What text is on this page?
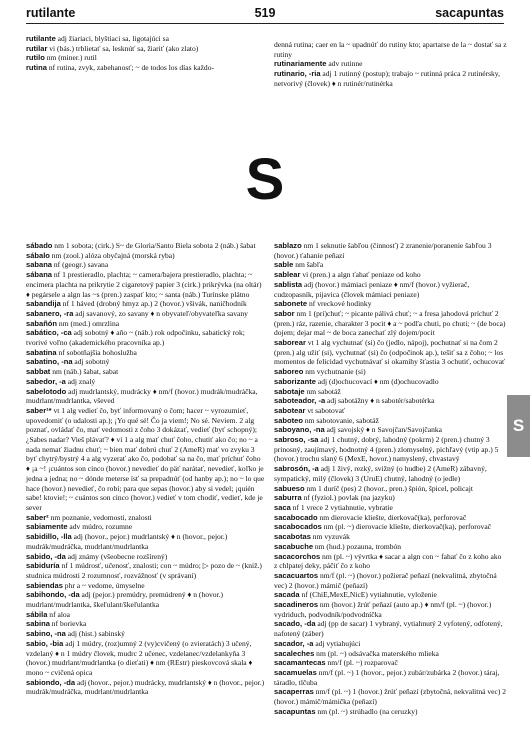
rutilante	519	sacapuntas

rutilante adj žiariaci, blyštiaci sa, ligotajúci sa

rutilar vi (bás.) trblietať sa, lesknúť sa, žiariť (ako zlato)

rutilo nm (miner.) rutil

rutina nf rutina, zvyk, zabehanosť; ~ de todos los días každo-

denná rutina; caer en la ~ upadnúť do rutiny kto; apartarse de la ~ dostať sa z rutiny

rutinariamente adv rutinne

rutinario, -ria adj 1 rutinný (postup); trabajo ~ rutinná práca 2 rutinérsky, netvorivý (človek) ♦ n rutinér/rutinérka

S

sábado nm 1 sobota; (cirk.) S~ de Gloria/Santo Biela sobota 2 (náb.) šabat

sábalo nm (zool.) alóza obyčajná (morská ryba)

sabana nf (geogr.) savana

sábana nf 1 prestieradlo, plachta; ~ camera/bajera prestieradlo, plachta; ~ encimera plachta na prikrytie 2 cigaretový papier 3 (cirk.) prikrývka (na oltár) ♦ pegársele a algn las ~s (pren.) zaspať kto; ~ santa (náb.) Turínske plátno

sabandija nf 1 háved (drobný hmyz ap.) 2 (hovor.) všivák, naničhodník

sabanero, -ra adj savanový, zo savany ♦ n obyvateľ/obyvateľka savany

sabañón nm (med.) omrzlina

sabático, -ca adj sobotný ♦ año ~ (náb.) rok odpočinku, sabatický rok; tvorivé voľno (akademického pracovníka ap.)

sabatina nf sobotňajšia bohoslužba

sabatino, -na adj sobotný

sabbat nm (náb.) šabat, sabat

sabedor, -a adj znalý

sabelotodo adj mudrlantský, mudrácky ♦ nm/f (hovor.) mudrák/mudráčka, mudrlant/mudrlantka, vševed

saber¹* vt 1 alg vedieť čo, byť informovaný o čom; hacer ~ vyrozumieť, upovedomiť (o udalosti ap.); ¡Yo qué sé! Čo ja viem!; No sé. Neviem. 2 alg poznať, ovládať čo, mať vedomosti z čoho 3 dokázať, vedieť (byť schopný); ¿Sabes nadar? Vieš plávať? ♦ vi 1 a alg mať chuť čoho, chutiť ako čo; no ~ a nada nemať žiadnu chuť; ~ bien mať dobrú chuť 2 (AmeR) mať vo zvyku 3 byť chytrý/bystrý 4 a alg vyzerať ako čo, podobať sa na čo, mať príchuť čoho ♦ ¡a ~! ¡cuántos son cinco (hovor.) nevedieť do päť narátať, nevedieť, koľko je jedna a jedna; no ~ dónde meterse ísť sa prepadnúť (od hanby ap.); no ~ lo que hace (hovor.) nevedieť, čo robí; para que sepas (hovor.) aby si vedel; ¡quién sabe! ktovie!; ~ cuántos son cinco (hovor.) vedieť v tom chodiť, vedieť, kde je sever

saber² nm poznanie, vedomosti, znalosti

sabiamente adv múdro, rozumne

sabidillo, -lla adj (hovor., pejor.) mudrlantský ♦ n (hovor., pejor.) mudrák/mudráčka, mudrlant/mudrlantka

sabido, -da adj známy (všeobecne rozšírený)

sabiduría nf 1 múdrosť, učenosť, znalosti; con ~ múdro; ▷ pozo de ~ (kniž.) studnica múdrosti 2 rozumnosť, rozvážnosť (v správaní)

sabiendas phr a ~ vedome, úmyselne

sabihondo, -da adj (pejor.) premúdry, premúdrený ♦ n (hovor.) mudrlant/mudrlantka, škeľulant/škeľulantka

sábila nf aloa

sabina nf borievka

sabino, -na adj (hist.) sabinský

sabio, -bia adj 1 múdry, (roz)umný 2 (vy)cvičený (o zvieratách) 3 učený, vzdelaný ♦ n 1 múdry človek, mudrc 2 učenec, vzdelanec/vzdelankyňa 3 (hovor.) mudrlant/mudrlantka (o dieťati) ♦ nm (REstr) pieskovcová skala ♦ mono ~ cvičená opica

sabiondo, -da adj (hovor., pejor.) mudrácky, mudrlantský ♦ n (hovor., pejor.) mudrák/mudráčka, mudrlant/mudrlantka

sablazo nm 1 seknutie šabľou (činnosť) 2 zranenie/poranenie šabľou 3 (hovor.) ťahanie peňazí

sable nm šabľa

sablear vi (pren.) a algn ťahať peniaze od koho

sablista adj (hovor.) mámiaci peniaze ♦ nm/f (hovor.) vyžierač, cudzopasník, pijavica (človek mámiaci peniaze)

sabonete nf vreckové hodinky

sabor nm 1 (prí)chuť; ~ picante pálivá chuť; ~ a fresa jahodová príchuť 2 (pren.) ráz, razenie, charakter 3 pocit ♦ a ~ podľa chuti, po chuti; ~ (de boca) dojem; dejar mal ~ de boca zanechať zlý dojem/pocit

saborear vt 1 alg vychutnať (si) čo (jedlo, nápoj), pochutnať si na čom 2 (pren.) alg užiť (si), vychutnať (si) čo (odpočinok ap.), tešiť sa z čoho; ~ los momentos de felicidad vychutnávať si okamihy šťastia 3 ochutiť, ochucovať

saboreo nm vychutnanie (si)

saborizante adj (d)ochucovací ♦ nm (d)ochucovadlo

sabotaje nm sabotáž

saboteador, -a adj sabotážny ♦ n sabotér/sabotérka

sabotear vt sabotovať

saboteo nm sabotovanie, sabotáž

saboyano, -na adj savojský ♦ n Savojčan/Savojčanka

sabroso, -sa adj 1 chutný, dobrý, lahodný (pokrm) 2 (pren.) chutný 3 prinosný, zaujímavý, hodnotný 4 (pren.) zlomyselný, pichľavý (vtip ap.) 5 (hovor.) trochu slaný 6 (MexE, hovor.) namyslený, chvastavý

sabrosón, -a adj 1 živý, rezký, svižný (o hudbe) 2 (AmeR) zábavný, sympatický, milý (človek) 3 (UruE) chutný, lahodný (o jedle)

sabueso nm 1 duríč (pes) 2 (hovor., pren.) špión, špicel, policajt

saburra nf (fyziol.) povlak (na jazyku)

saca nf 1 vrece 2 vytiahnutie, vybratie

sacabocado nm dierovacie kliešte, dierkovač(ka), perforovač

sacabocados nm (pl. ~) dierovacie kliešte, dierkovač(ka), perforovač

sacabotas nm vyzuvák

sacabuche nm (hud.) pozauna, trombón

sacacorchos nm (pl. ~) vývrtka ♦ sacar a algn con ~ fahať čo z koho ako z chlpatej deky, páčiť čo z koho

sacacuartos nm/f (pl. ~) (hovor.) požierač peňazí (nekvalitná, zbytočná vec) 2 (hovor.) mámič (peňazí)

sacada nf (ChiE,MexE,NicE) vytiahnutie, vyloženie

sacadineros nm (hovor.) žrúť peňazí (auto ap.) ♦ nm/f (pl. ~) (hovor.) vydriduch, podvodník/podvodníčka

sacado, -da adj (pp de sacar) 1 vybraný, vytiahnutý 2 vyfotený, odfotený, nafotený (záber)

sacador, -a adj vytiahujúci

sacaleches nm (pl. ~) odsávačka materského mlieka

sacamantecas nm/f (pl. ~) rozparovač

sacamuelas nm/f (pl. ~) 1 (hovor., pejor.) zubár/zubárka 2 (hovor.) táraj, táradlo, tlčuba

sacaperras nm/f (pl. ~) 1 (hovor.) žrúť peňazí (zbytočná, nekvalitná vec) 2 (hovor.) mámič/mámička (peňazí)

sacapuntas nm (pl. ~) strúhadlo (na ceruzky)

S
